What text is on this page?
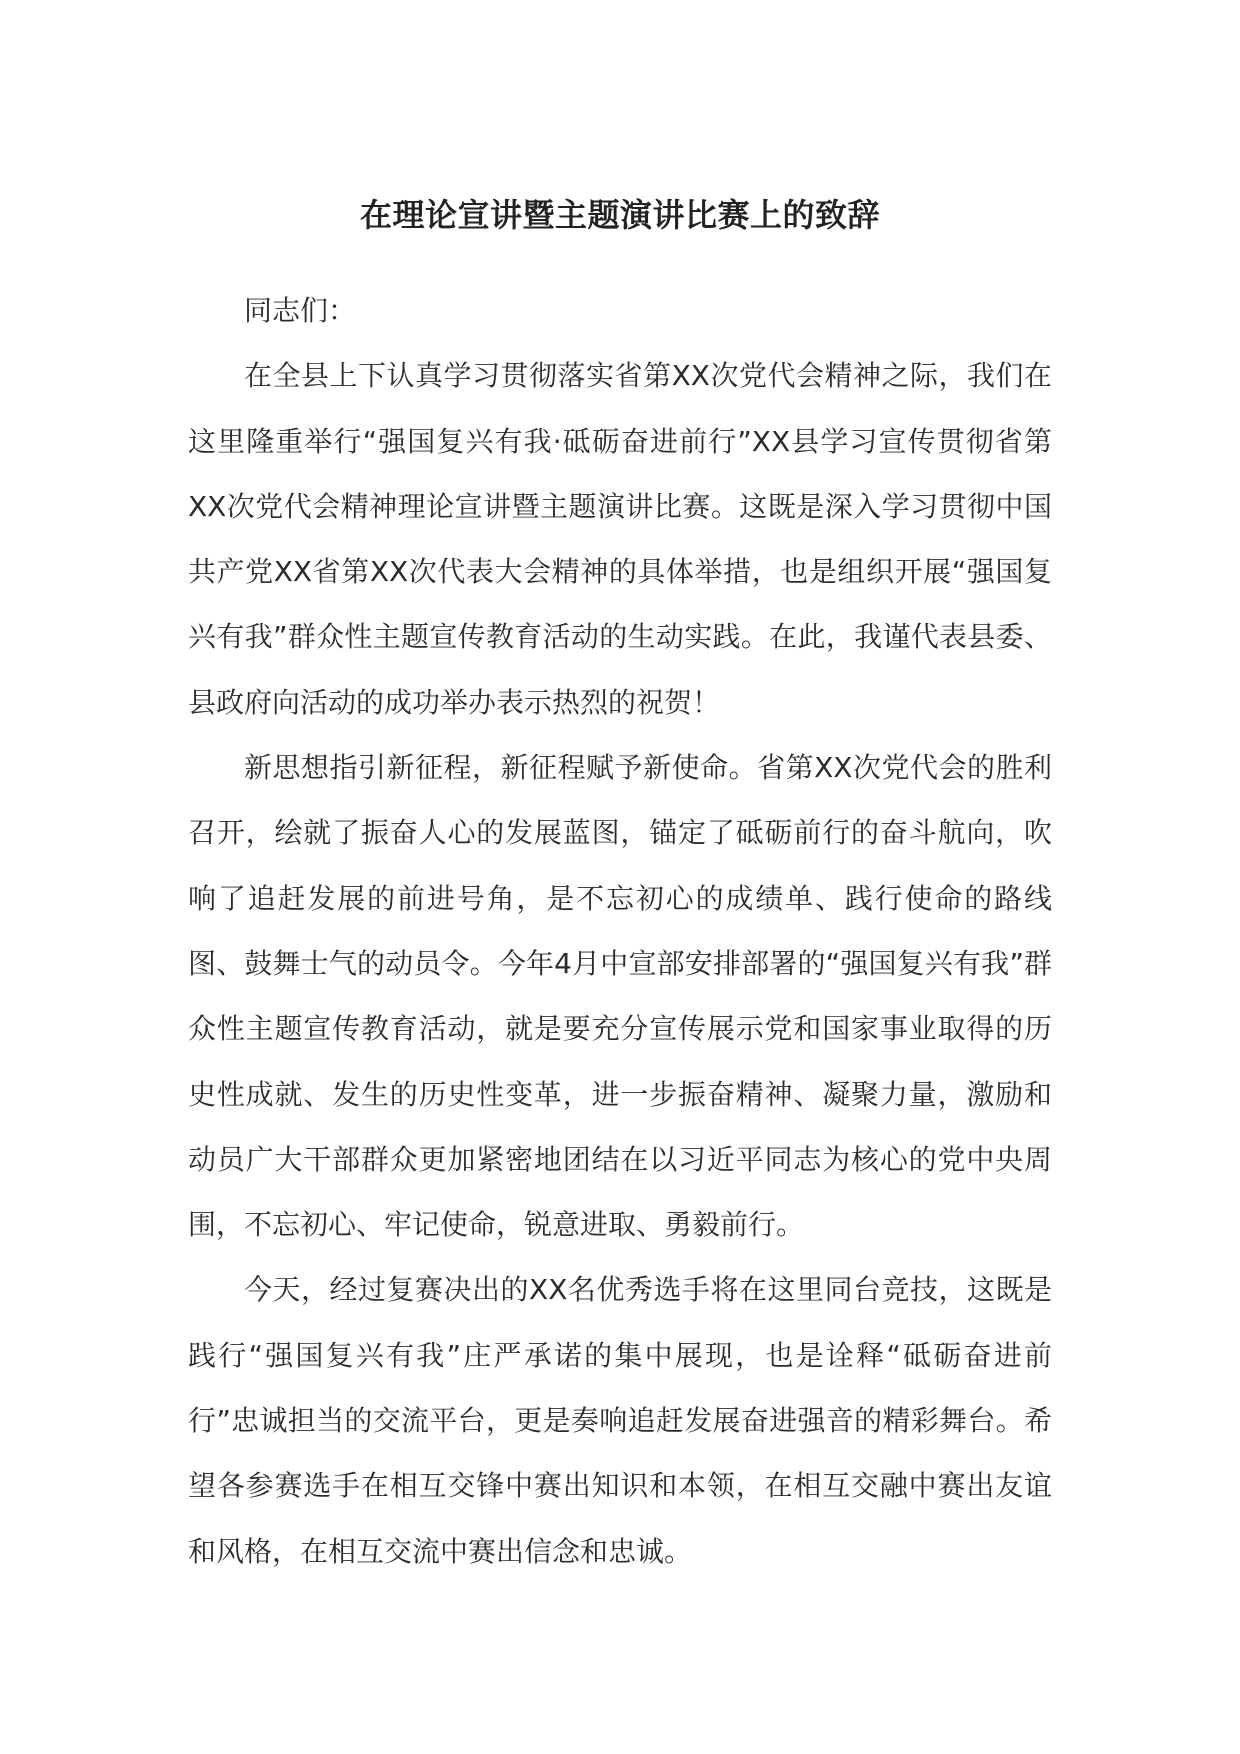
在理论宣讲暨主题演讲比赛上的致辞

同志们：

在全县上下认真学习贯彻落实省第XX次党代会精神之际，我们在这里隆重举行“强国复兴有我·砥砺奋进前行”XX县学习宣传贯彻省第XX次党代会精神理论宣讲暨主题演讲比赛。这既是深入学习贯彻中国共产党XX省第XX次代表大会精神的具体举措，也是组织开展“强国复兴有我”群众性主题宣传教育活动的生动实践。在此，我谨代表县委、县政府向活动的成功举办表示热烈的祝贺！

新思想指引新征程，新征程赋予新使命。省第XX次党代会的胜利召开，绘就了振奋人心的发展蓝图，锚定了砥砺前行的奋斗航向，吹响了追赶发展的前进号角，是不忘初心的成绩单、践行使命的路线图、鼓舞士气的动员令。今年4月中宣部安排部署的“强国复兴有我”群众性主题宣传教育活动，就是要充分宣传展示党和国家事业取得的历史性成就、发生的历史性变革，进一步振奋精神、凝聚力量，激励和动员广大干部群众更加紧密地团结在以习近平同志为核心的党中央周围，不忘初心、牢记使命，锐意进取、勇毅前行。

今天，经过复赛决出的XX名优秀选手将在这里同台竞技，这既是践行“强国复兴有我”庄严承诺的集中展现，也是诠释“砥砺奋进前行”忠诚担当的交流平台，更是奏响追赶发展奋进强音的精彩舞台。希望各参赛选手在相互交锋中赛出知识和本领，在相互交融中赛出友谊和风格，在相互交流中赛出信念和忠诚。
